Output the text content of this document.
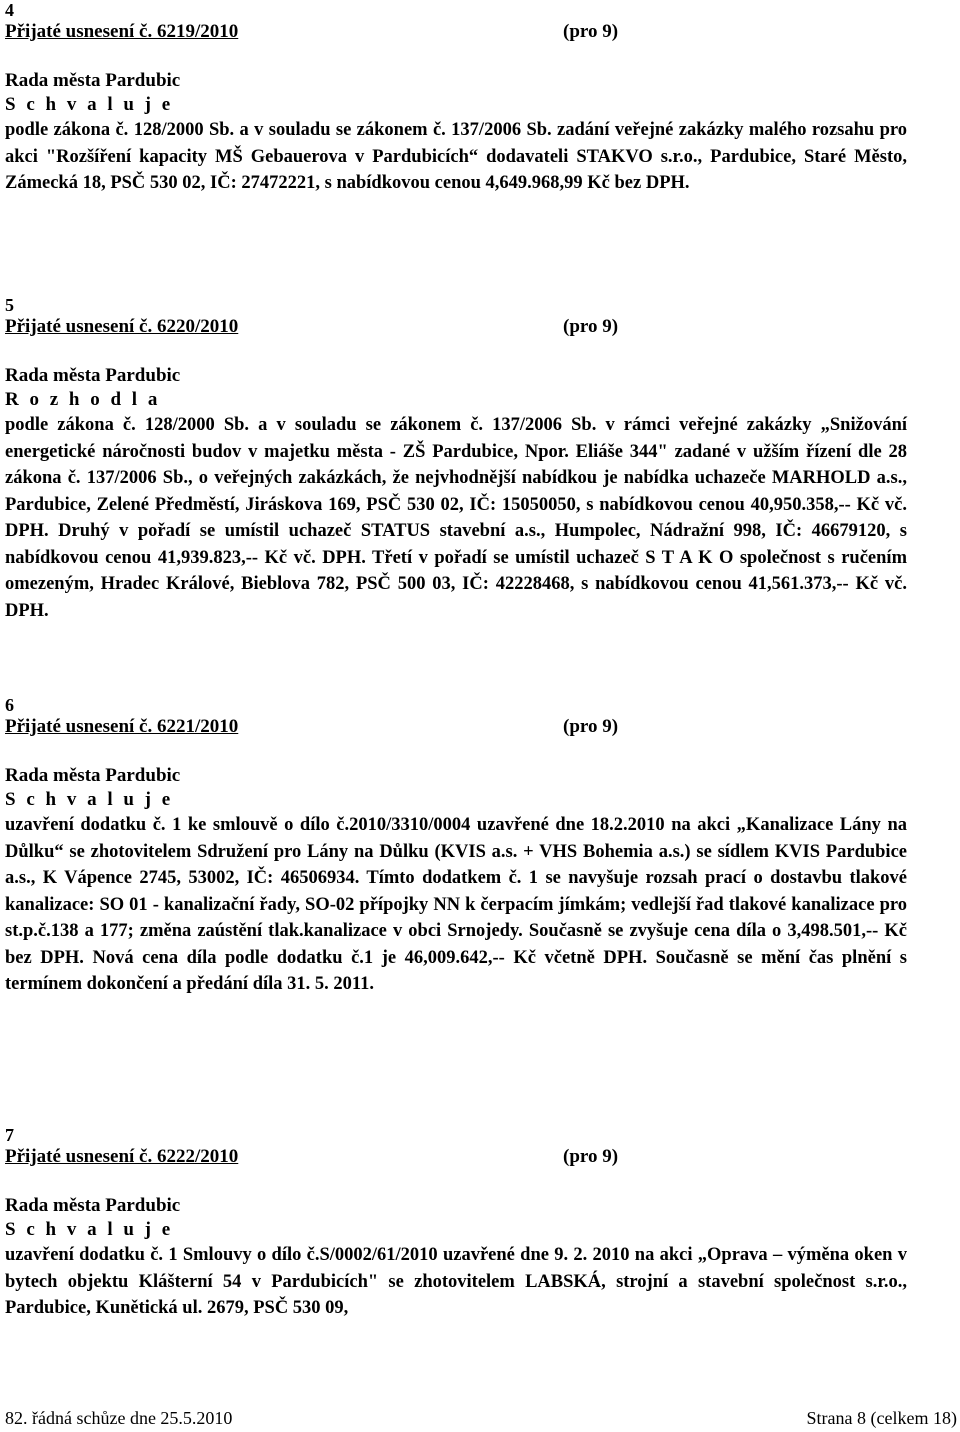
4
Přijaté usnesení č. 6219/2010	(pro 9)
Rada města Pardubic
S c h v a l u j e

podle zákona č. 128/2000 Sb. a v souladu se zákonem č. 137/2006 Sb. zadání veřejné zakázky malého rozsahu pro akci "Rozšíření kapacity MŠ Gebauerova v Pardubicích“ dodavateli STAKVO s.r.o., Pardubice, Staré Město, Zámecká 18, PSČ 530 02, IČ: 27472221, s nabídkovou cenou 4,649.968,99 Kč bez DPH.

5
Přijaté usnesení č. 6220/2010	(pro 9)
Rada města Pardubic
R o z h o d l a

podle zákona č. 128/2000 Sb. a v souladu se zákonem č. 137/2006 Sb. v rámci veřejné zakázky „Snižování energetické náročnosti budov v majetku města - ZŠ Pardubice, Npor. Eliáše 344" zadané v užším řízení dle 28 zákona č. 137/2006 Sb., o veřejných zakázkách, že nejvhodnější nabídkou je nabídka uchazeče MARHOLD a.s., Pardubice, Zelené Předměstí, Jiráskova 169, PSČ 530 02, IČ: 15050050, s nabídkovou cenou 40,950.358,-- Kč vč. DPH. Druhý v pořadí se umístil uchazeč STATUS stavební a.s., Humpolec, Nádražní 998, IČ: 46679120, s nabídkovou cenou 41,939.823,-- Kč vč. DPH. Třetí v pořadí se umístil uchazeč S T A K O společnost s ručením omezeným, Hradec Králové, Bieblova 782, PSČ 500 03, IČ: 42228468, s nabídkovou cenou 41,561.373,-- Kč vč. DPH.

6
Přijaté usnesení č. 6221/2010	(pro 9)
Rada města Pardubic
S c h v a l u j e

uzavření dodatku č. 1 ke smlouvě o dílo č.2010/3310/0004 uzavřené dne 18.2.2010 na akci „Kanalizace Lány na Důlku“ se zhotovitelem Sdružení pro Lány na Důlku (KVIS a.s. + VHS Bohemia a.s.) se sídlem KVIS Pardubice a.s., K Vápence 2745, 53002, IČ: 46506934. Tímto dodatkem č. 1 se navyšuje rozsah prací o dostavbu tlakové kanalizace: SO 01 - kanalizační řady, SO-02 přípojky NN k čerpacím jímkám; vedlejší řad tlakové kanalizace pro st.p.č.138 a 177; změna zaústění tlak.kanalizace v obci Srnojedy. Současně se zvyšuje cena díla o 3,498.501,-- Kč bez DPH. Nová cena díla podle dodatku č.1 je 46,009.642,-- Kč včetně DPH. Současně se mění čas plnění s termínem dokončení a předání díla 31. 5. 2011.

7
Přijaté usnesení č. 6222/2010	(pro 9)
Rada města Pardubic
S c h v a l u j e

uzavření dodatku č. 1 Smlouvy o dílo č.S/0002/61/2010 uzavřené dne 9. 2. 2010 na akci „Oprava – výměna oken v bytech objektu Klášterní 54 v Pardubicích" se zhotovitelem LABSKÁ, strojní a stavební společnost s.r.o., Pardubice, Kunětická ul. 2679, PSČ 530 09,

82. řádná schůze dne 25.5.2010	Strana 8 (celkem 18)
